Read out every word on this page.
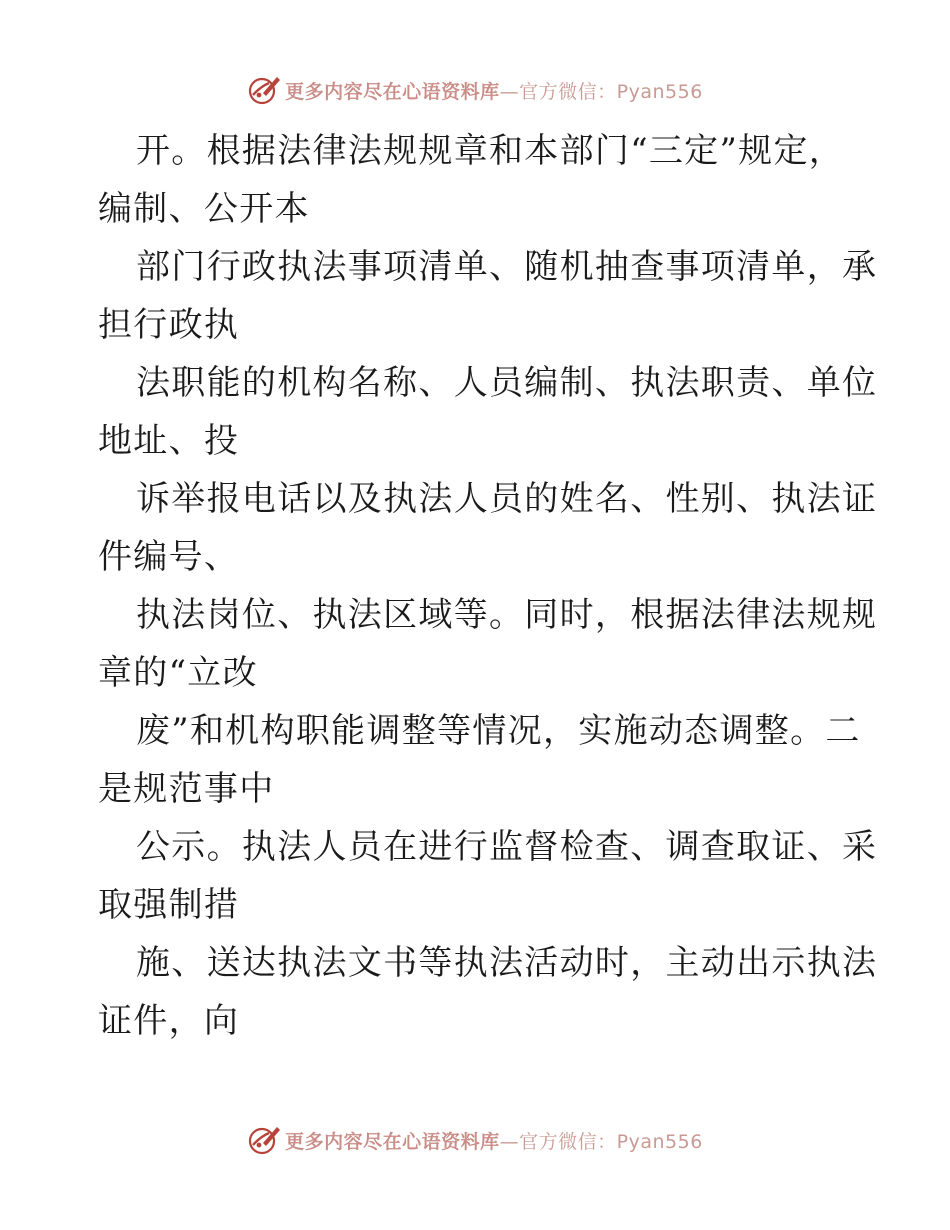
更多内容尽在心语资料库—官方微信：Pyan556
开。根据法律法规规章和本部门“三定”规定，
编制、公开本
部门行政执法事项清单、随机抽查事项清单，承
担行政执
法职能的机构名称、人员编制、执法职责、单位
地址、投
诉举报电话以及执法人员的姓名、性别、执法证
件编号、
执法岗位、执法区域等。同时，根据法律法规规
章的“立改
废”和机构职能调整等情况，实施动态调整。二
是规范事中
公示。执法人员在进行监督检查、调查取证、采
取强制措
施、送达执法文书等执法活动时，主动出示执法
证件，向
更多内容尽在心语资料库—官方微信：Pyan556
